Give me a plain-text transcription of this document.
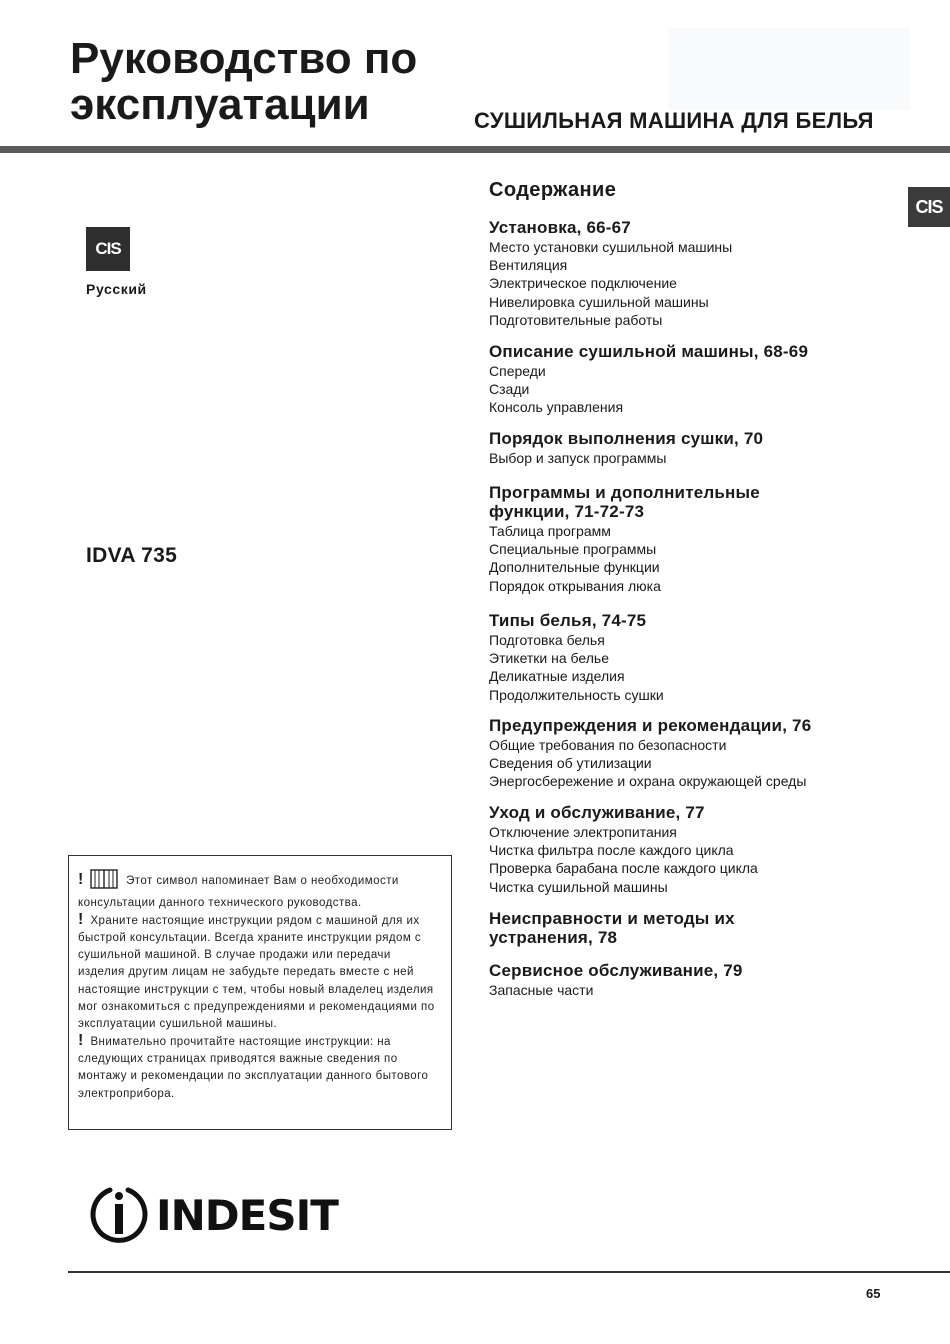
Руководство по
эксплуатации	СУШИЛЬНАЯ МАШИНА ДЛЯ БЕЛЬЯ
CIS
CIS
Русский
IDVA 735
Содержание
Установка, 66-67
Место установки сушильной машины
Вентиляция
Электрическое подключение
Нивелировка сушильной машины
Подготовительные работы
Описание сушильной машины, 68-69
Спереди
Сзади
Консоль управления
Порядок выполнения сушки, 70
Выбор и запуск программы
Программы и дополнительные
функции, 71-72-73
Таблица программ
Специальные программы
Дополнительные функции
Порядок открывания люка
Типы белья, 74-75
Подготовка белья
Этикетки на белье
Деликатные изделия
Продолжительность сушки
Предупреждения и рекомендации, 76
Общие требования по безопасности
Сведения об утилизации
Энергосбережение и охрана окружающей среды
Уход и обслуживание, 77
Отключение электропитания
Чистка фильтра после каждого цикла
Проверка барабана после каждого цикла
Чистка сушильной машины
Неисправности и методы их
устранения, 78
Сервисное обслуживание, 79
Запасные части
!	Этот символ напоминает Вам о необходимости консультации данного технического руководства.
! Храните настоящие инструкции рядом с машиной для их быстрой консультации. Всегда храните инструкции рядом с сушильной машиной. В случае продажи или передачи изделия другим лицам не забудьте передать вместе с ней настоящие инструкции с тем, чтобы новый владелец изделия мог ознакомиться с предупреждениями и рекомендациями по эксплуатации сушильной машины.
! Внимательно прочитайте настоящие инструкции: на следующих страницах приводятся важные сведения по монтажу и рекомендации по эксплуатации данного бытового электроприбора.
INDESIT
65
